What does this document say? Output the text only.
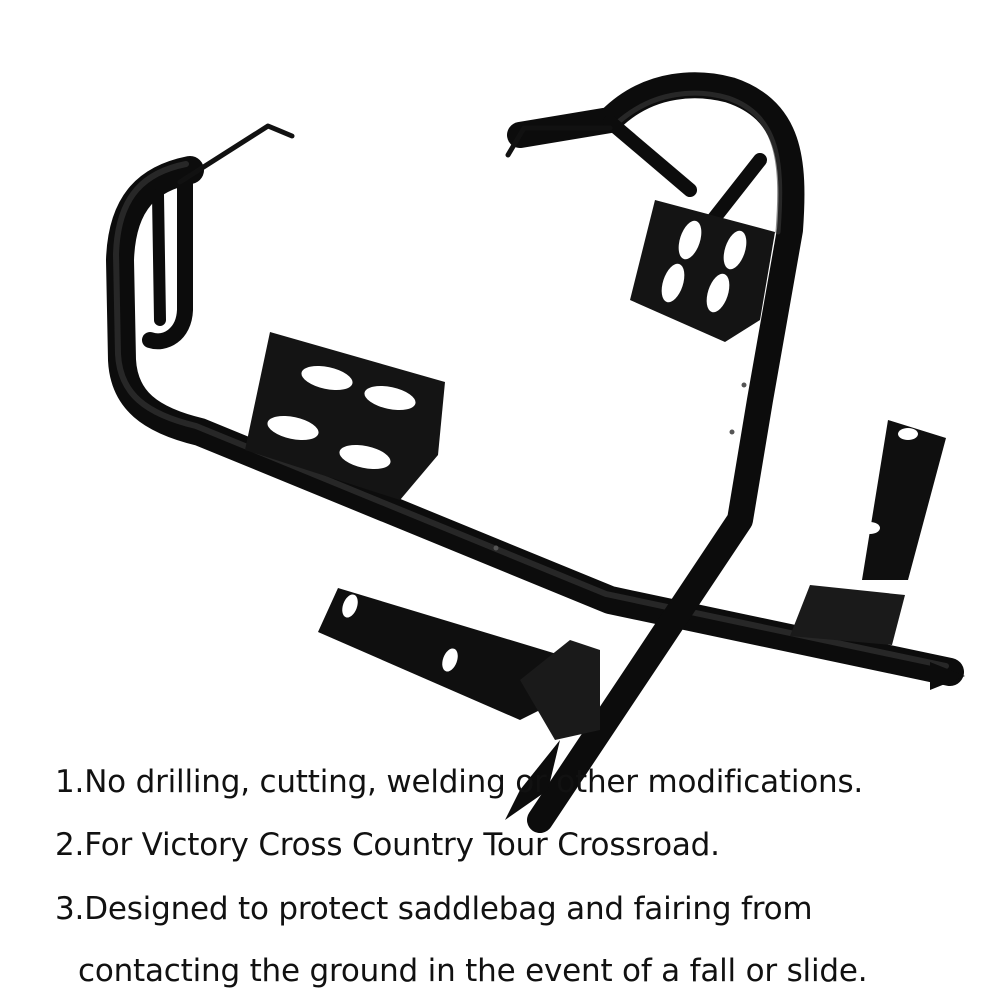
1.No drilling, cutting, welding or other modifications.

2.For Victory Cross Country Tour Crossroad.

3.Designed to protect saddlebag and fairing from

contacting the ground in the event of a fall or slide.
